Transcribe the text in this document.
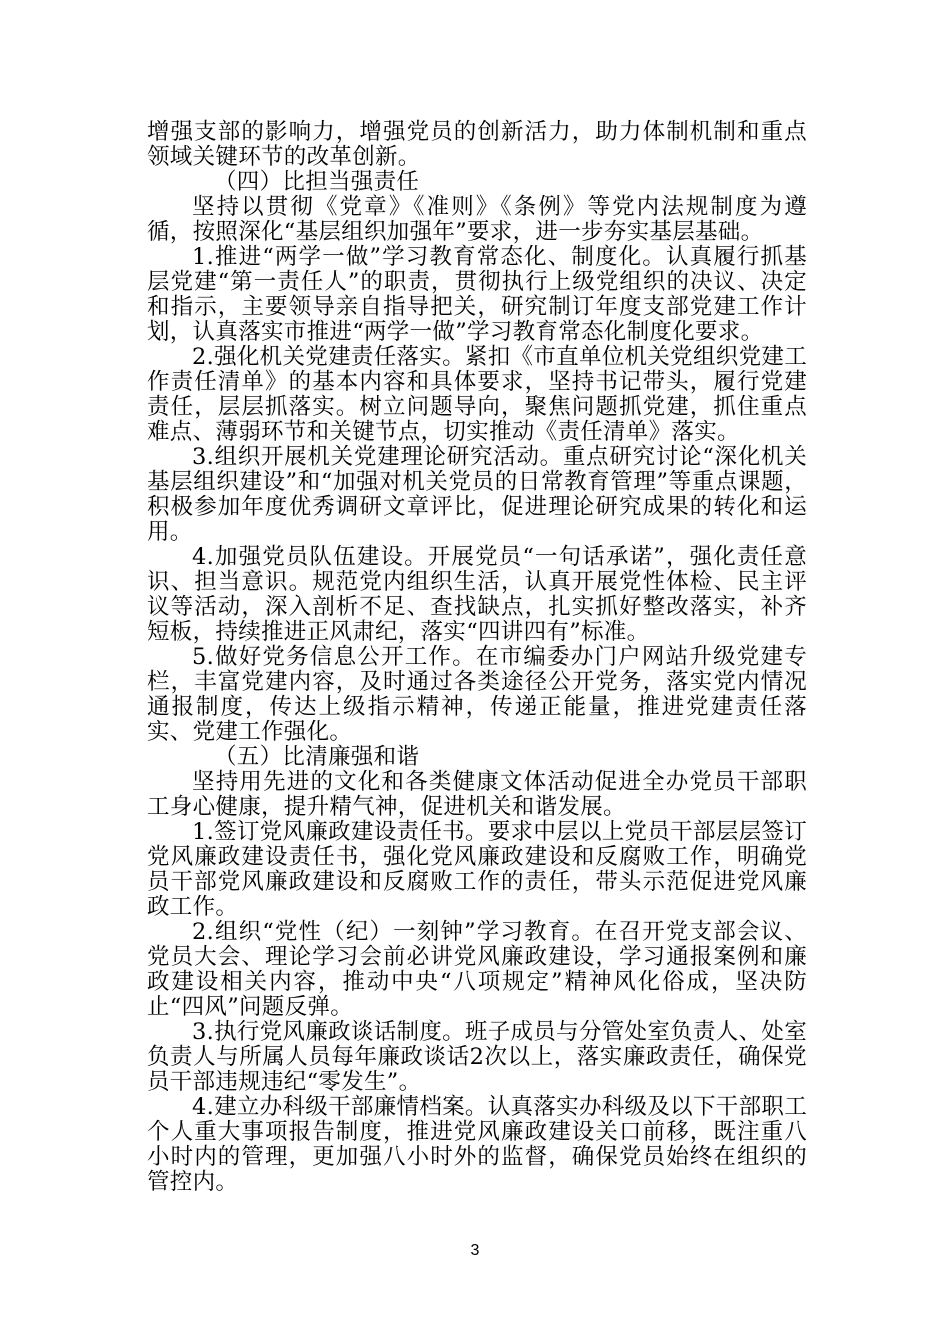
增强支部的影响力，增强党员的创新活力，助力体制机制和重点领域关键环节的改革创新。

（四）比担当强责任

坚持以贯彻《党章》《准则》《条例》等党内法规制度为遵循，按照深化“基层组织加强年”要求，进一步夯实基层基础。

1.推进“两学一做”学习教育常态化、制度化。认真履行抓基层党建“第一责任人”的职责，贯彻执行上级党组织的决议、决定和指示，主要领导亲自指导把关，研究制订年度支部党建工作计划，认真落实市推进“两学一做”学习教育常态化制度化要求。

2.强化机关党建责任落实。紧扣《市直单位机关党组织党建工作责任清单》的基本内容和具体要求，坚持书记带头，履行党建责任，层层抓落实。树立问题导向，聚焦问题抓党建，抓住重点难点、薄弱环节和关键节点，切实推动《责任清单》落实。

3.组织开展机关党建理论研究活动。重点研究讨论“深化机关基层组织建设”和“加强对机关党员的日常教育管理”等重点课题，积极参加年度优秀调研文章评比，促进理论研究成果的转化和运用。

4.加强党员队伍建设。开展党员“一句话承诺”，强化责任意识、担当意识。规范党内组织生活，认真开展党性体检、民主评议等活动，深入剖析不足、查找缺点，扎实抓好整改落实，补齐短板，持续推进正风肃纪，落实“四讲四有”标准。

5.做好党务信息公开工作。在市编委办门户网站升级党建专栏，丰富党建内容，及时通过各类途径公开党务，落实党内情况通报制度，传达上级指示精神，传递正能量，推进党建责任落实、党建工作强化。

（五）比清廉强和谐

坚持用先进的文化和各类健康文体活动促进全办党员干部职工身心健康，提升精气神，促进机关和谐发展。

1.签订党风廉政建设责任书。要求中层以上党员干部层层签订党风廉政建设责任书，强化党风廉政建设和反腐败工作，明确党员干部党风廉政建设和反腐败工作的责任，带头示范促进党风廉政工作。

2.组织“党性（纪）一刻钟”学习教育。在召开党支部会议、党员大会、理论学习会前必讲党风廉政建设，学习通报案例和廉政建设相关内容，推动中央“八项规定”精神风化俗成，坚决防止“四风”问题反弹。

3.执行党风廉政谈话制度。班子成员与分管处室负责人、处室负责人与所属人员每年廉政谈话2次以上，落实廉政责任，确保党员干部违规违纪“零发生”。

4.建立办科级干部廉情档案。认真落实办科级及以下干部职工个人重大事项报告制度，推进党风廉政建设关口前移，既注重八小时内的管理，更加强八小时外的监督，确保党员始终在组织的管控内。

3
